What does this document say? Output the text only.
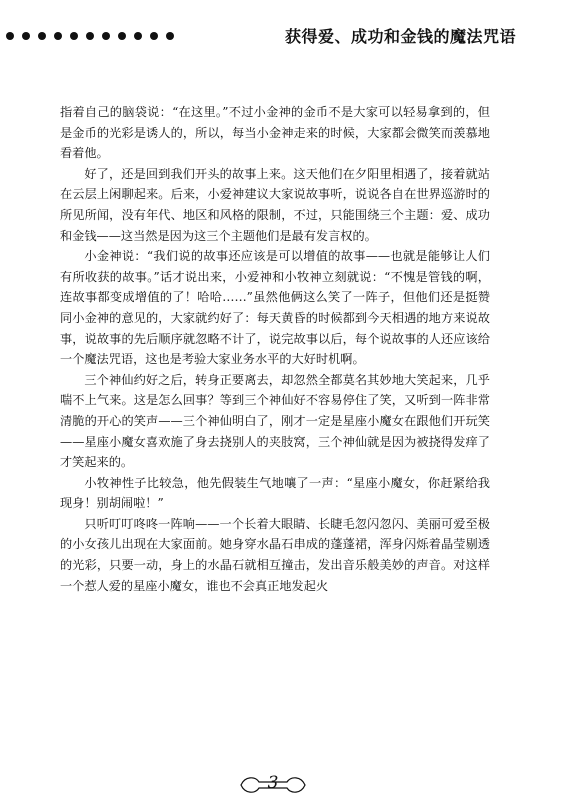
获得爱、成功和金钱的魔法咒语

指着自己的脑袋说：“在这里。”不过小金神的金币不是大家可以轻易拿到的，但是金币的光彩是诱人的，所以，每当小金神走来的时候，大家都会微笑而羡慕地看着他。

好了，还是回到我们开头的故事上来。这天他们在夕阳里相遇了，接着就站在云层上闲聊起来。后来，小爱神建议大家说故事听，说说各自在世界巡游时的所见所闻，没有年代、地区和风格的限制，不过，只能围绕三个主题：爱、成功和金钱——这当然是因为这三个主题他们是最有发言权的。

小金神说：“我们说的故事还应该是可以增值的故事——也就是能够让人们有所收获的故事。”话才说出来，小爱神和小牧神立刻就说：“不愧是管钱的啊，连故事都变成增值的了！哈哈……”虽然他俩这么笑了一阵子，但他们还是挺赞同小金神的意见的，大家就约好了：每天黄昏的时候都到今天相遇的地方来说故事，说故事的先后顺序就忽略不计了，说完故事以后，每个说故事的人还应该给一个魔法咒语，这也是考验大家业务水平的大好时机啊。

三个神仙约好之后，转身正要离去，却忽然全都莫名其妙地大笑起来，几乎喘不上气来。这是怎么回事？等到三个神仙好不容易停住了笑，又听到一阵非常清脆的开心的笑声——三个神仙明白了，刚才一定是星座小魔女在跟他们开玩笑——星座小魔女喜欢施了身去挠别人的夹肢窝，三个神仙就是因为被挠得发痒了才笑起来的。

小牧神性子比较急，他先假装生气地嚷了一声：“星座小魔女，你赶紧给我现身！别胡闹啦！”

只听叮叮咚咚一阵响——一个长着大眼睛、长睫毛忽闪忽闪、美丽可爱至极的小女孩儿出现在大家面前。她身穿水晶石串成的蓬蓬裙，浑身闪烁着晶莹剔透的光彩，只要一动，身上的水晶石就相互撞击，发出音乐般美妙的声音。对这样一个惹人爱的星座小魔女，谁也不会真正地发起火

3
